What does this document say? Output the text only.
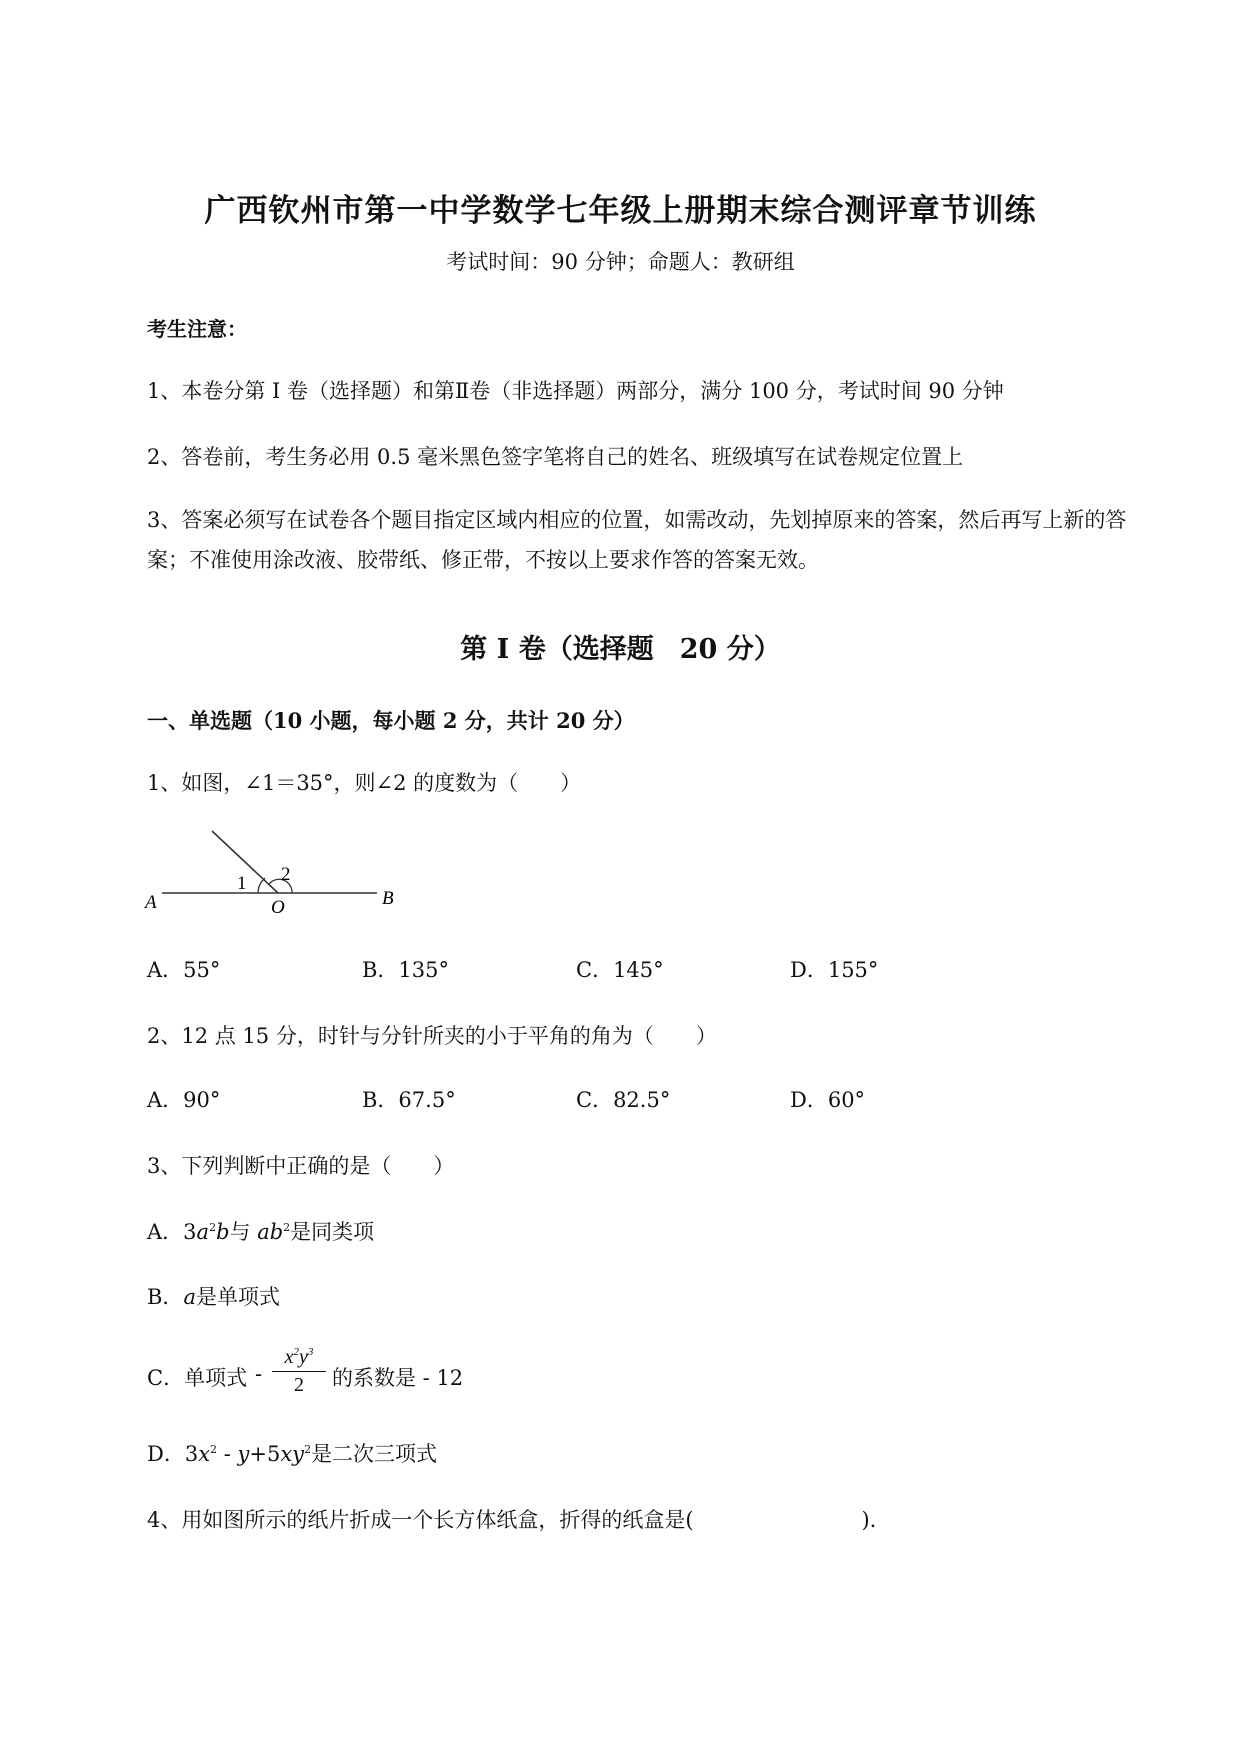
广西钦州市第一中学数学七年级上册期末综合测评章节训练
考试时间：90 分钟；命题人：教研组
考生注意：
1、本卷分第 I 卷（选择题）和第Ⅱ卷（非选择题）两部分，满分 100 分，考试时间 90 分钟
2、答卷前，考生务必用 0.5 毫米黑色签字笔将自己的姓名、班级填写在试卷规定位置上
3、答案必须写在试卷各个题目指定区域内相应的位置，如需改动，先划掉原来的答案，然后再写上新的答案；不准使用涂改液、胶带纸、修正带，不按以上要求作答的答案无效。
第 I 卷（选择题 20 分）
一、单选题（10 小题，每小题 2 分，共计 20 分）
1、如图，∠1＝35°，则∠2 的度数为（　　）
1 2
A	O	B
A．55°	B．135°	C．145°	D．155°
2、12 点 15 分，时针与分针所夹的小于平角的角为（　　）
A．90°	B．67.5°	C．82.5°	D．60°
3、下列判断中正确的是（　　）
A．$3a^2b$与 $ab^2$是同类项
B．a是单项式
C．单项式 -
$x^2y^3$
2	的系数是 - 12
D．$3x^2 - y+5xy^2$是二次三项式
4、用如图所示的纸片折成一个长方体纸盒，折得的纸盒是(　　　　　　　　)．
